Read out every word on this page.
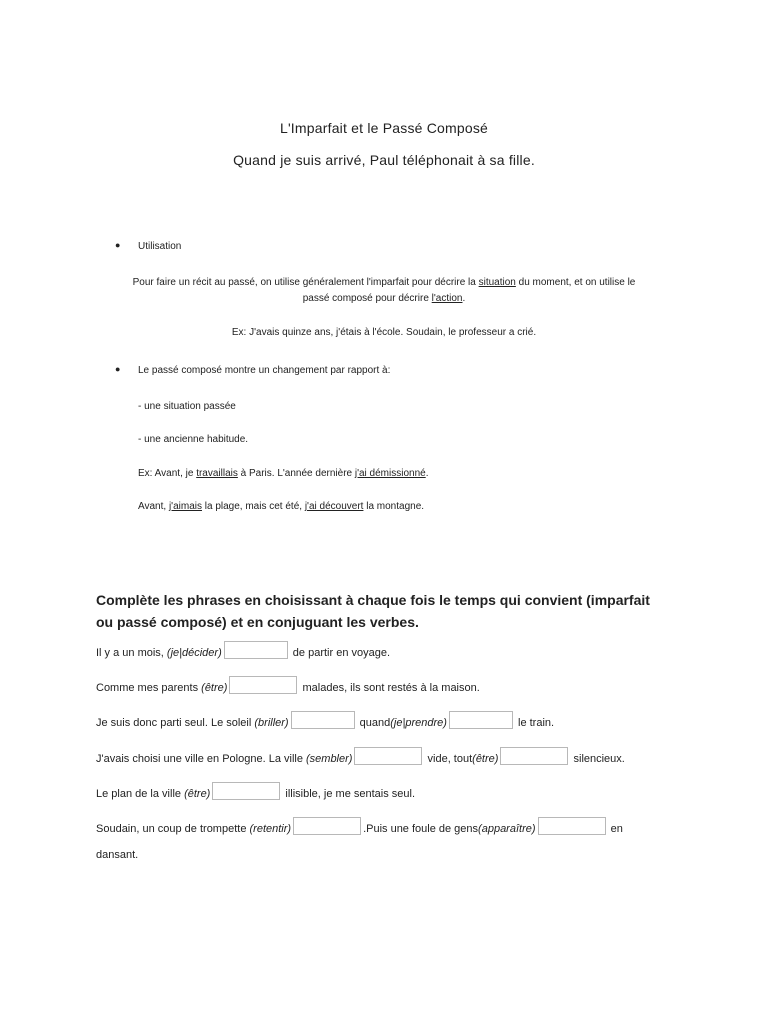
L'Imparfait et le Passé Composé
Quand je suis arrivé, Paul téléphonait à sa fille.
● Utilisation
Pour faire un récit au passé, on utilise généralement l'imparfait pour décrire la situation du moment, et on utilise le
passé composé pour décrire l'action.
Ex: J'avais quinze ans, j'étais à l'école. Soudain, le professeur a crié.
● Le passé composé montre un changement par rapport à:
- une situation passée
- une ancienne habitude.
Ex: Avant, je travaillais à Paris. L'année dernière j'ai démissionné.
Avant, j'aimais la plage, mais cet été, j'ai découvert la montagne.
Complète les phrases en choisissant à chaque fois le temps qui convient (imparfait ou passé composé) et en conjuguant les verbes.
Il y a un mois, (je|décider)	de partir en voyage.
Comme mes parents (être)	malades, ils sont restés à la maison.
Je suis donc parti seul. Le soleil (briller)	quand(je|prendre)	le train.
J'avais choisi une ville en Pologne. La ville (sembler)	vide, tout(être)	silencieux.
Le plan de la ville (être)	illisible, je me sentais seul.
Soudain, un coup de trompette (retentir)	.Puis une foule de gens(apparaître)	en
dansant.
